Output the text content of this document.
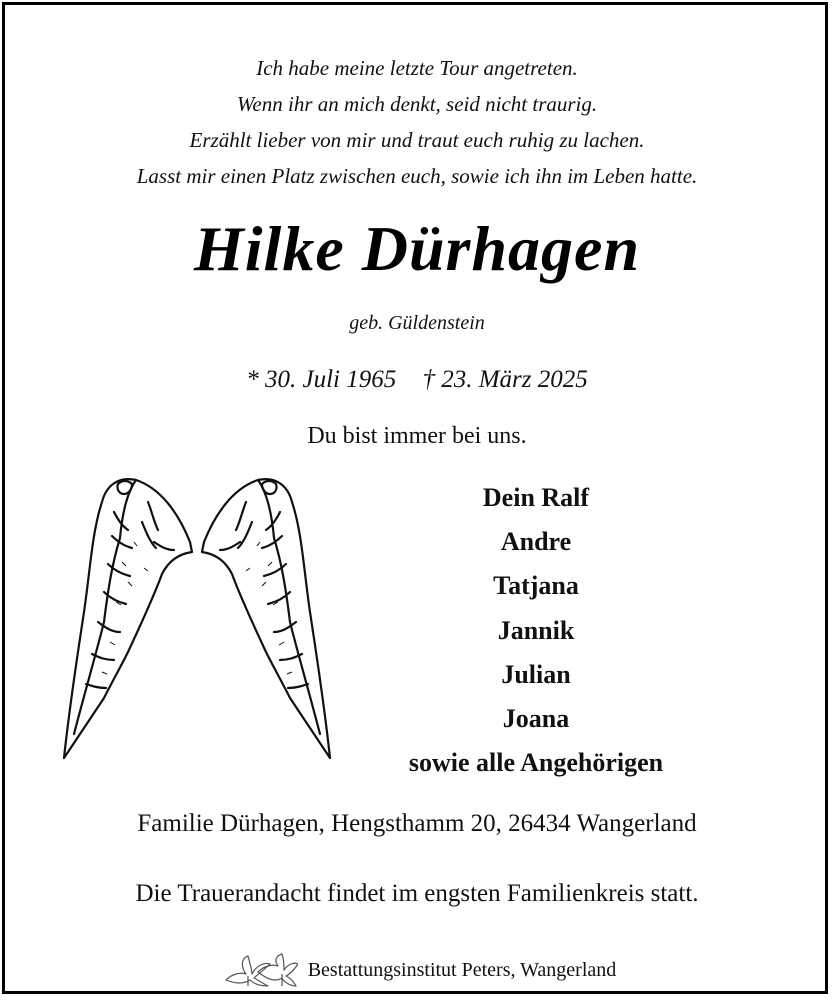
Ich habe meine letzte Tour angetreten.
Wenn ihr an mich denkt, seid nicht traurig.
Erzählt lieber von mir und traut euch ruhig zu lachen.
Lasst mir einen Platz zwischen euch, sowie ich ihn im Leben hatte.
Hilke Dürhagen
geb. Güldenstein
* 30. Juli 1965 † 23. März 2025
Du bist immer bei uns.
Dein Ralf
Andre
Tatjana
Jannik
Julian
Joana
sowie alle Angehörigen
Familie Dürhagen, Hengsthamm 20, 26434 Wangerland
Die Trauerandacht findet im engsten Familienkreis statt.
Bestattungsinstitut Peters, Wangerland
